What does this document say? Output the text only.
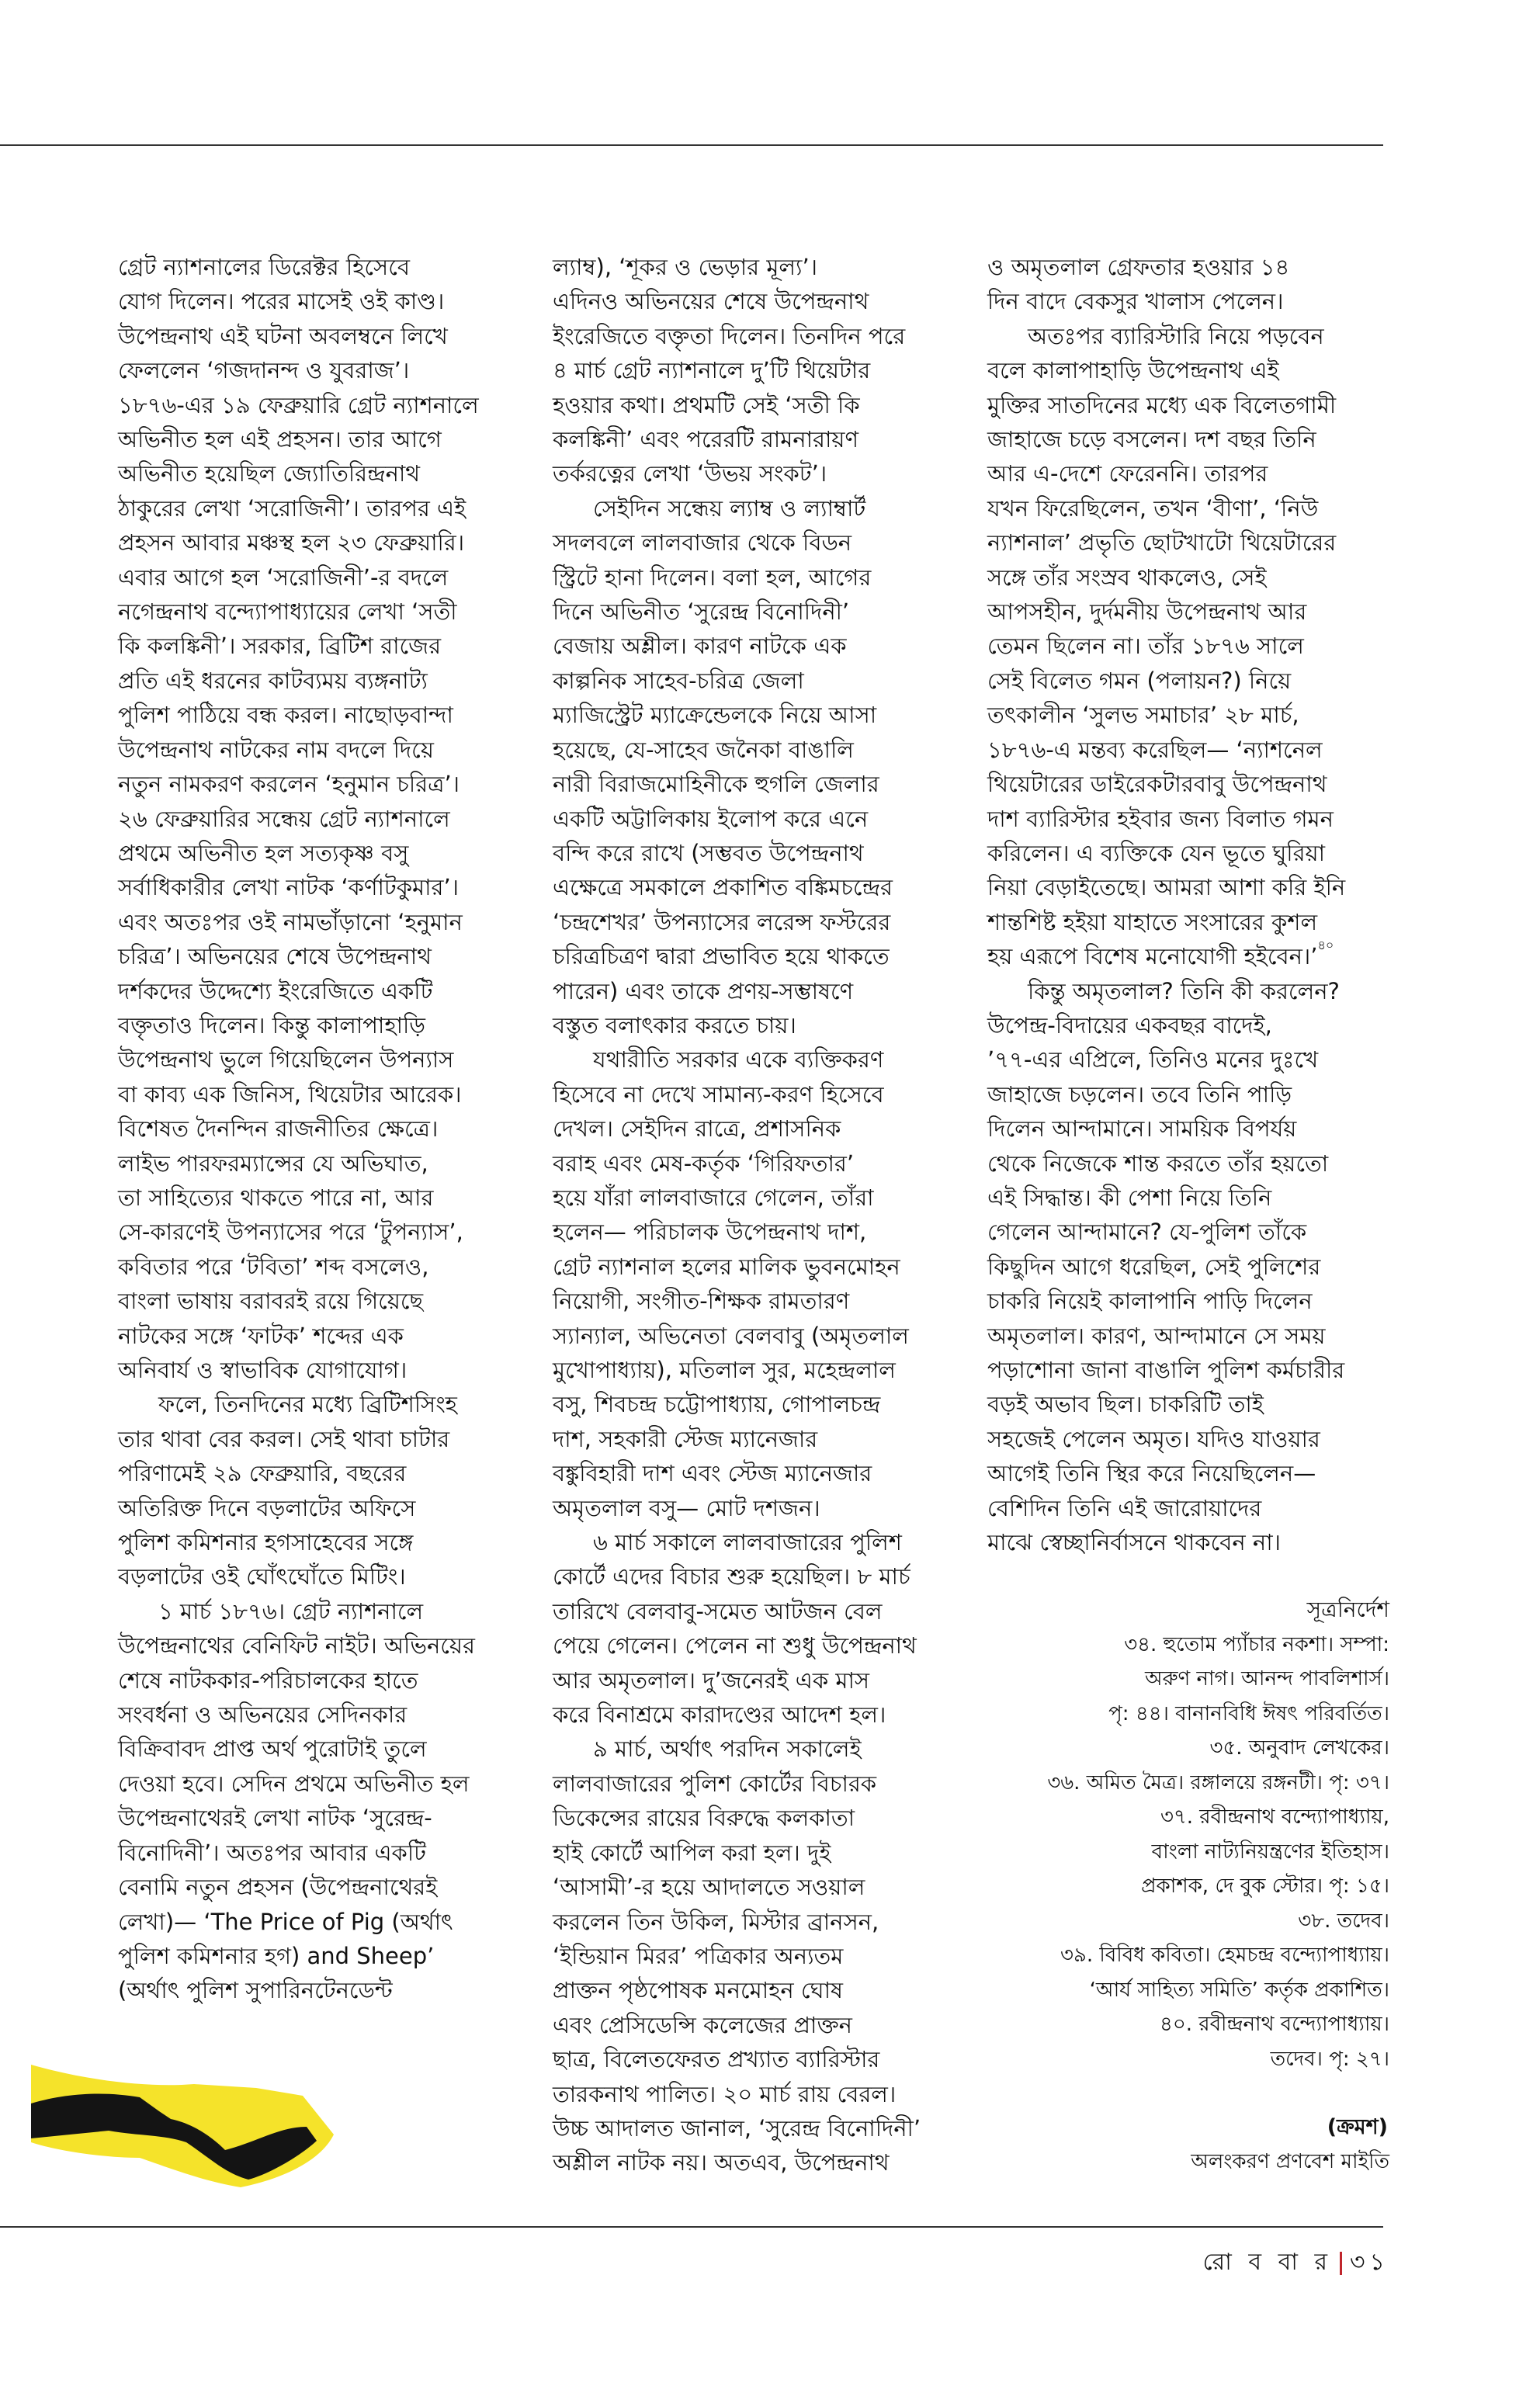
গ্রেট ন্যাশনালের ডিরেক্টর হিসেবে
যোগ দিলেন। পরের মাসেই ওই কাণ্ড।
উপেন্দ্রনাথ এই ঘটনা অবলম্বনে লিখে
ফেললেন ‘গজদানন্দ ও যুবরাজ’।
১৮৭৬-এর ১৯ ফেব্রুয়ারি গ্রেট ন্যাশনালে
অভিনীত হল এই প্রহসন। তার আগে
অভিনীত হয়েছিল জ্যোতিরিন্দ্রনাথ
ঠাকুরের লেখা ‘সরোজিনী’। তারপর এই
প্রহসন আবার মঞ্চস্থ হল ২৩ ফেব্রুয়ারি।
এবার আগে হল ‘সরোজিনী’-র বদলে
নগেন্দ্রনাথ বন্দ্যোপাধ্যায়ের লেখা ‘সতী
কি কলঙ্কিনী’। সরকার, ব্রিটিশ রাজের
প্রতি এই ধরনের কাটব্যময় ব্যঙ্গনাট্য
পুলিশ পাঠিয়ে বন্ধ করল। নাছোড়বান্দা
উপেন্দ্রনাথ নাটকের নাম বদলে দিয়ে
নতুন নামকরণ করলেন ‘হনুমান চরিত্র’।
২৬ ফেব্রুয়ারির সন্ধেয় গ্রেট ন্যাশনালে
প্রথমে অভিনীত হল সত্যকৃষ্ণ বসু
সর্বাধিকারীর লেখা নাটক ‘কর্ণাটকুমার’।
এবং অতঃপর ওই নামভাঁড়ানো ‘হনুমান
চরিত্র’। অভিনয়ের শেষে উপেন্দ্রনাথ
দর্শকদের উদ্দেশ্যে ইংরেজিতে একটি
বক্তৃতাও দিলেন। কিন্তু কালাপাহাড়ি
উপেন্দ্রনাথ ভুলে গিয়েছিলেন উপন্যাস
বা কাব্য এক জিনিস, থিয়েটার আরেক।
বিশেষত দৈনন্দিন রাজনীতির ক্ষেত্রে।
লাইভ পারফরম্যান্সের যে অভিঘাত,
তা সাহিত্যের থাকতে পারে না, আর
সে-কারণেই উপন্যাসের পরে ‘টুপন্যাস’,
কবিতার পরে ‘টবিতা’ শব্দ বসলেও,
বাংলা ভাষায় বরাবরই রয়ে গিয়েছে
নাটকের সঙ্গে ‘ফাটক’ শব্দের এক
অনিবার্য ও স্বাভাবিক যোগাযোগ।
ফলে, তিনদিনের মধ্যে ব্রিটিশসিংহ
তার থাবা বের করল। সেই থাবা চাটার
পরিণামেই ২৯ ফেব্রুয়ারি, বছরের
অতিরিক্ত দিনে বড়লাটের অফিসে
পুলিশ কমিশনার হগসাহেবের সঙ্গে
বড়লাটের ওই ঘোঁৎঘোঁতে মিটিং।
১ মার্চ ১৮৭৬। গ্রেট ন্যাশনালে
উপেন্দ্রনাথের বেনিফিট নাইট। অভিনয়ের
শেষে নাটককার-পরিচালকের হাতে
সংবর্ধনা ও অভিনয়ের সেদিনকার
বিক্রিবাবদ প্রাপ্ত অর্থ পুরোটাই তুলে
দেওয়া হবে। সেদিন প্রথমে অভিনীত হল
উপেন্দ্রনাথেরই লেখা নাটক ‘সুরেন্দ্র-
বিনোদিনী’। অতঃপর আবার একটি
বেনামি নতুন প্রহসন (উপেন্দ্রনাথেরই
লেখা)— ‘The Price of Pig (অর্থাৎ
পুলিশ কমিশনার হগ) and Sheep’
(অর্থাৎ পুলিশ সুপারিনটেনডেন্ট
ল্যাম্ব), ‘শূকর ও ভেড়ার মূল্য’।
এদিনও অভিনয়ের শেষে উপেন্দ্রনাথ
ইংরেজিতে বক্তৃতা দিলেন। তিনদিন পরে
৪ মার্চ গ্রেট ন্যাশনালে দু’টি থিয়েটার
হওয়ার কথা। প্রথমটি সেই ‘সতী কি
কলঙ্কিনী’ এবং পরেরটি রামনারায়ণ
তর্করত্নের লেখা ‘উভয় সংকট’।
সেইদিন সন্ধেয় ল্যাম্ব ও ল্যাম্বার্ট
সদলবলে লালবাজার থেকে বিডন
স্ট্রিটে হানা দিলেন। বলা হল, আগের
দিনে অভিনীত ‘সুরেন্দ্র বিনোদিনী’
বেজায় অশ্লীল। কারণ নাটকে এক
কাল্পনিক সাহেব-চরিত্র জেলা
ম্যাজিস্ট্রেট ম্যাক্রেন্ডেলকে নিয়ে আসা
হয়েছে, যে-সাহেব জনৈকা বাঙালি
নারী বিরাজমোহিনীকে হুগলি জেলার
একটি অট্টালিকায় ইলোপ করে এনে
বন্দি করে রাখে (সম্ভবত উপেন্দ্রনাথ
এক্ষেত্রে সমকালে প্রকাশিত বঙ্কিমচন্দ্রের
‘চন্দ্রশেখর’ উপন্যাসের লরেন্স ফস্টরের
চরিত্রচিত্রণ দ্বারা প্রভাবিত হয়ে থাকতে
পারেন) এবং তাকে প্রণয়-সম্ভাষণে
বস্তুত বলাৎকার করতে চায়।
যথারীতি সরকার একে ব্যক্তিকরণ
হিসেবে না দেখে সামান্য-করণ হিসেবে
দেখল। সেইদিন রাত্রে, প্রশাসনিক
বরাহ এবং মেষ-কর্তৃক ‘গিরিফতার’
হয়ে যাঁরা লালবাজারে গেলেন, তাঁরা
হলেন— পরিচালক উপেন্দ্রনাথ দাশ,
গ্রেট ন্যাশনাল হলের মালিক ভুবনমোহন
নিয়োগী, সংগীত-শিক্ষক রামতারণ
স্যান্যাল, অভিনেতা বেলবাবু (অমৃতলাল
মুখোপাধ্যায়), মতিলাল সুর, মহেন্দ্রলাল
বসু, শিবচন্দ্র চট্টোপাধ্যায়, গোপালচন্দ্র
দাশ, সহকারী স্টেজ ম্যানেজার
বঙ্কুবিহারী দাশ এবং স্টেজ ম্যানেজার
অমৃতলাল বসু— মোট দশজন।
৬ মার্চ সকালে লালবাজারের পুলিশ
কোর্টে এদের বিচার শুরু হয়েছিল। ৮ মার্চ
তারিখে বেলবাবু-সমেত আটজন বেল
পেয়ে গেলেন। পেলেন না শুধু উপেন্দ্রনাথ
আর অমৃতলাল। দু’জনেরই এক মাস
করে বিনাশ্রমে কারাদণ্ডের আদেশ হল।
৯ মার্চ, অর্থাৎ পরদিন সকালেই
লালবাজারের পুলিশ কোর্টের বিচারক
ডিকেন্সের রায়ের বিরুদ্ধে কলকাতা
হাই কোর্টে আপিল করা হল। দুই
‘আসামী’-র হয়ে আদালতে সওয়াল
করলেন তিন উকিল, মিস্টার ব্রানসন,
‘ইন্ডিয়ান মিরর’ পত্রিকার অন্যতম
প্রাক্তন পৃষ্ঠপোষক মনমোহন ঘোষ
এবং প্রেসিডেন্সি কলেজের প্রাক্তন
ছাত্র, বিলেতফেরত প্রখ্যাত ব্যারিস্টার
তারকনাথ পালিত। ২০ মার্চ রায় বেরল।
উচ্চ আদালত জানাল, ‘সুরেন্দ্র বিনোদিনী’
অশ্লীল নাটক নয়। অতএব, উপেন্দ্রনাথ
ও অমৃতলাল গ্রেফতার হওয়ার ১৪
দিন বাদে বেকসুর খালাস পেলেন।
অতঃপর ব্যারিস্টারি নিয়ে পড়বেন
বলে কালাপাহাড়ি উপেন্দ্রনাথ এই
মুক্তির সাতদিনের মধ্যে এক বিলেতগামী
জাহাজে চড়ে বসলেন। দশ বছর তিনি
আর এ-দেশে ফেরেননি। তারপর
যখন ফিরেছিলেন, তখন ‘বীণা’, ‘নিউ
ন্যাশনাল’ প্রভৃতি ছোটখাটো থিয়েটারের
সঙ্গে তাঁর সংস্রব থাকলেও, সেই
আপসহীন, দুর্দমনীয় উপেন্দ্রনাথ আর
তেমন ছিলেন না। তাঁর ১৮৭৬ সালে
সেই বিলেত গমন (পলায়ন?) নিয়ে
তৎকালীন ‘সুলভ সমাচার’ ২৮ মার্চ,
১৮৭৬-এ মন্তব্য করেছিল— ‘ন্যাশনেল
থিয়েটারের ডাইরেকটারবাবু উপেন্দ্রনাথ
দাশ ব্যারিস্টার হইবার জন্য বিলাত গমন
করিলেন। এ ব্যক্তিকে যেন ভূতে ঘুরিয়া
নিয়া বেড়াইতেছে। আমরা আশা করি ইনি
শান্তশিষ্ট হইয়া যাহাতে সংসারের কুশল
হয় এরূপে বিশেষ মনোযোগী হইবেন।’$^{৪০}$
কিন্তু অমৃতলাল? তিনি কী করলেন?
উপেন্দ্র-বিদায়ের একবছর বাদেই,
’৭৭-এর এপ্রিলে, তিনিও মনের দুঃখে
জাহাজে চড়লেন। তবে তিনি পাড়ি
দিলেন আন্দামানে। সাময়িক বিপর্যয়
থেকে নিজেকে শান্ত করতে তাঁর হয়তো
এই সিদ্ধান্ত। কী পেশা নিয়ে তিনি
গেলেন আন্দামানে? যে-পুলিশ তাঁকে
কিছুদিন আগে ধরেছিল, সেই পুলিশের
চাকরি নিয়েই কালাপানি পাড়ি দিলেন
অমৃতলাল। কারণ, আন্দামানে সে সময়
পড়াশোনা জানা বাঙালি পুলিশ কর্মচারীর
বড়ই অভাব ছিল। চাকরিটি তাই
সহজেই পেলেন অমৃত। যদিও যাওয়ার
আগেই তিনি স্থির করে নিয়েছিলেন—
বেশিদিন তিনি এই জারোয়াদের
মাঝে স্বেচ্ছানির্বাসনে থাকবেন না।
সূত্রনির্দেশ
৩৪. হুতোম প্যাঁচার নকশা। সম্পা:
অরুণ নাগ। আনন্দ পাবলিশার্স।
পৃ: ৪৪। বানানবিধি ঈষৎ পরিবর্তিত।
৩৫. অনুবাদ লেখকের।
৩৬. অমিত মৈত্র। রঙ্গালয়ে রঙ্গনটী। পৃ: ৩৭।
৩৭. রবীন্দ্রনাথ বন্দ্যোপাধ্যায়,
বাংলা নাট্যনিয়ন্ত্রণের ইতিহাস।
প্রকাশক, দে বুক স্টোর। পৃ: ১৫।
৩৮. তদেব।
৩৯. বিবিধ কবিতা। হেমচন্দ্র বন্দ্যোপাধ্যায়।
‘আর্য সাহিত্য সমিতি’ কর্তৃক প্রকাশিত।
৪০. রবীন্দ্রনাথ বন্দ্যোপাধ্যায়।
তদেব। পৃ: ২৭।
(ক্রমশ)
অলংকরণ প্রণবেশ মাইতি
রো ব বা র ৩১
